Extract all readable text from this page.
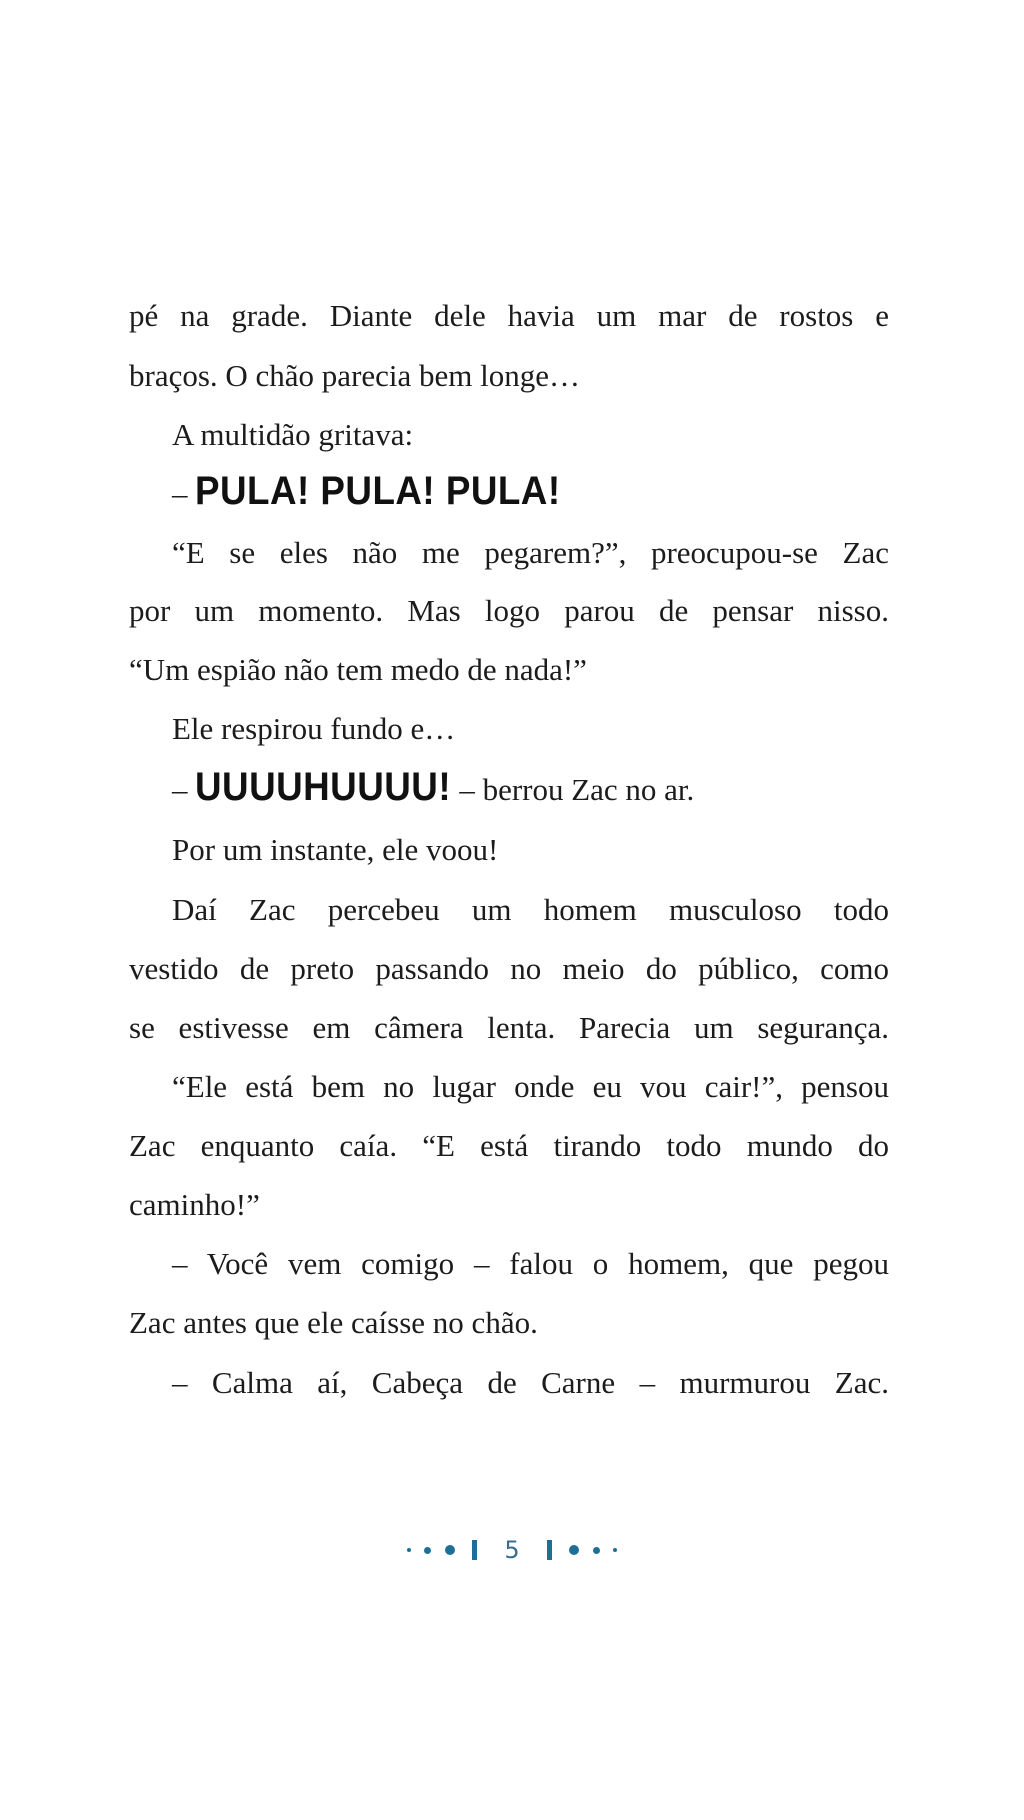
pé na grade. Diante dele havia um mar de rostos e
braços. O chão parecia bem longe…
A multidão gritava:
“E se eles não me pegarem?”, preocupou-se Zac
por um momento. Mas logo parou de pensar nisso.
“Um espião não tem medo de nada!”
Ele respirou fundo e…
Por um instante, ele voou!
Daí Zac percebeu um homem musculoso todo
vestido de preto passando no meio do público, como
se estivesse em câmera lenta. Parecia um segurança.
“Ele está bem no lugar onde eu vou cair!”, pensou
Zac enquanto caía. “E está tirando todo mundo do
caminho!”
– Você vem comigo – falou o homem, que pegou
Zac antes que ele caísse no chão.
– Calma aí, Cabeça de Carne – murmurou Zac.
– PULA! PULA! PULA!
– UUUUHUUUU! – berrou Zac no ar.
5
